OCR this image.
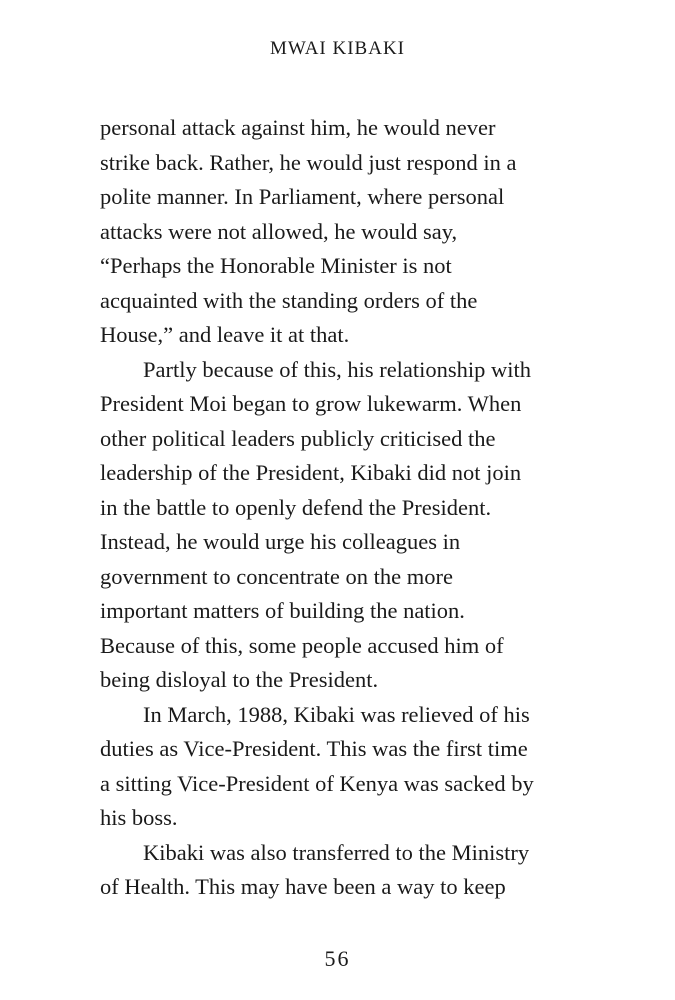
MWAI KIBAKI
personal attack against him, he would never
strike back. Rather, he would just respond in a
polite manner. In Parliament, where personal
attacks were not allowed, he would say,
“Perhaps the Honorable Minister is not
acquainted with the standing orders of the
House,” and leave it at that.
Partly because of this, his relationship with
President Moi began to grow lukewarm. When
other political leaders publicly criticised the
leadership of the President, Kibaki did not join
in the battle to openly defend the President.
Instead, he would urge his colleagues in
government to concentrate on the more
important matters of building the nation.
Because of this, some people accused him of
being disloyal to the President.
In March, 1988, Kibaki was relieved of his
duties as Vice-President. This was the first time
a sitting Vice-President of Kenya was sacked by
his boss.
Kibaki was also transferred to the Ministry
of Health. This may have been a way to keep
56
